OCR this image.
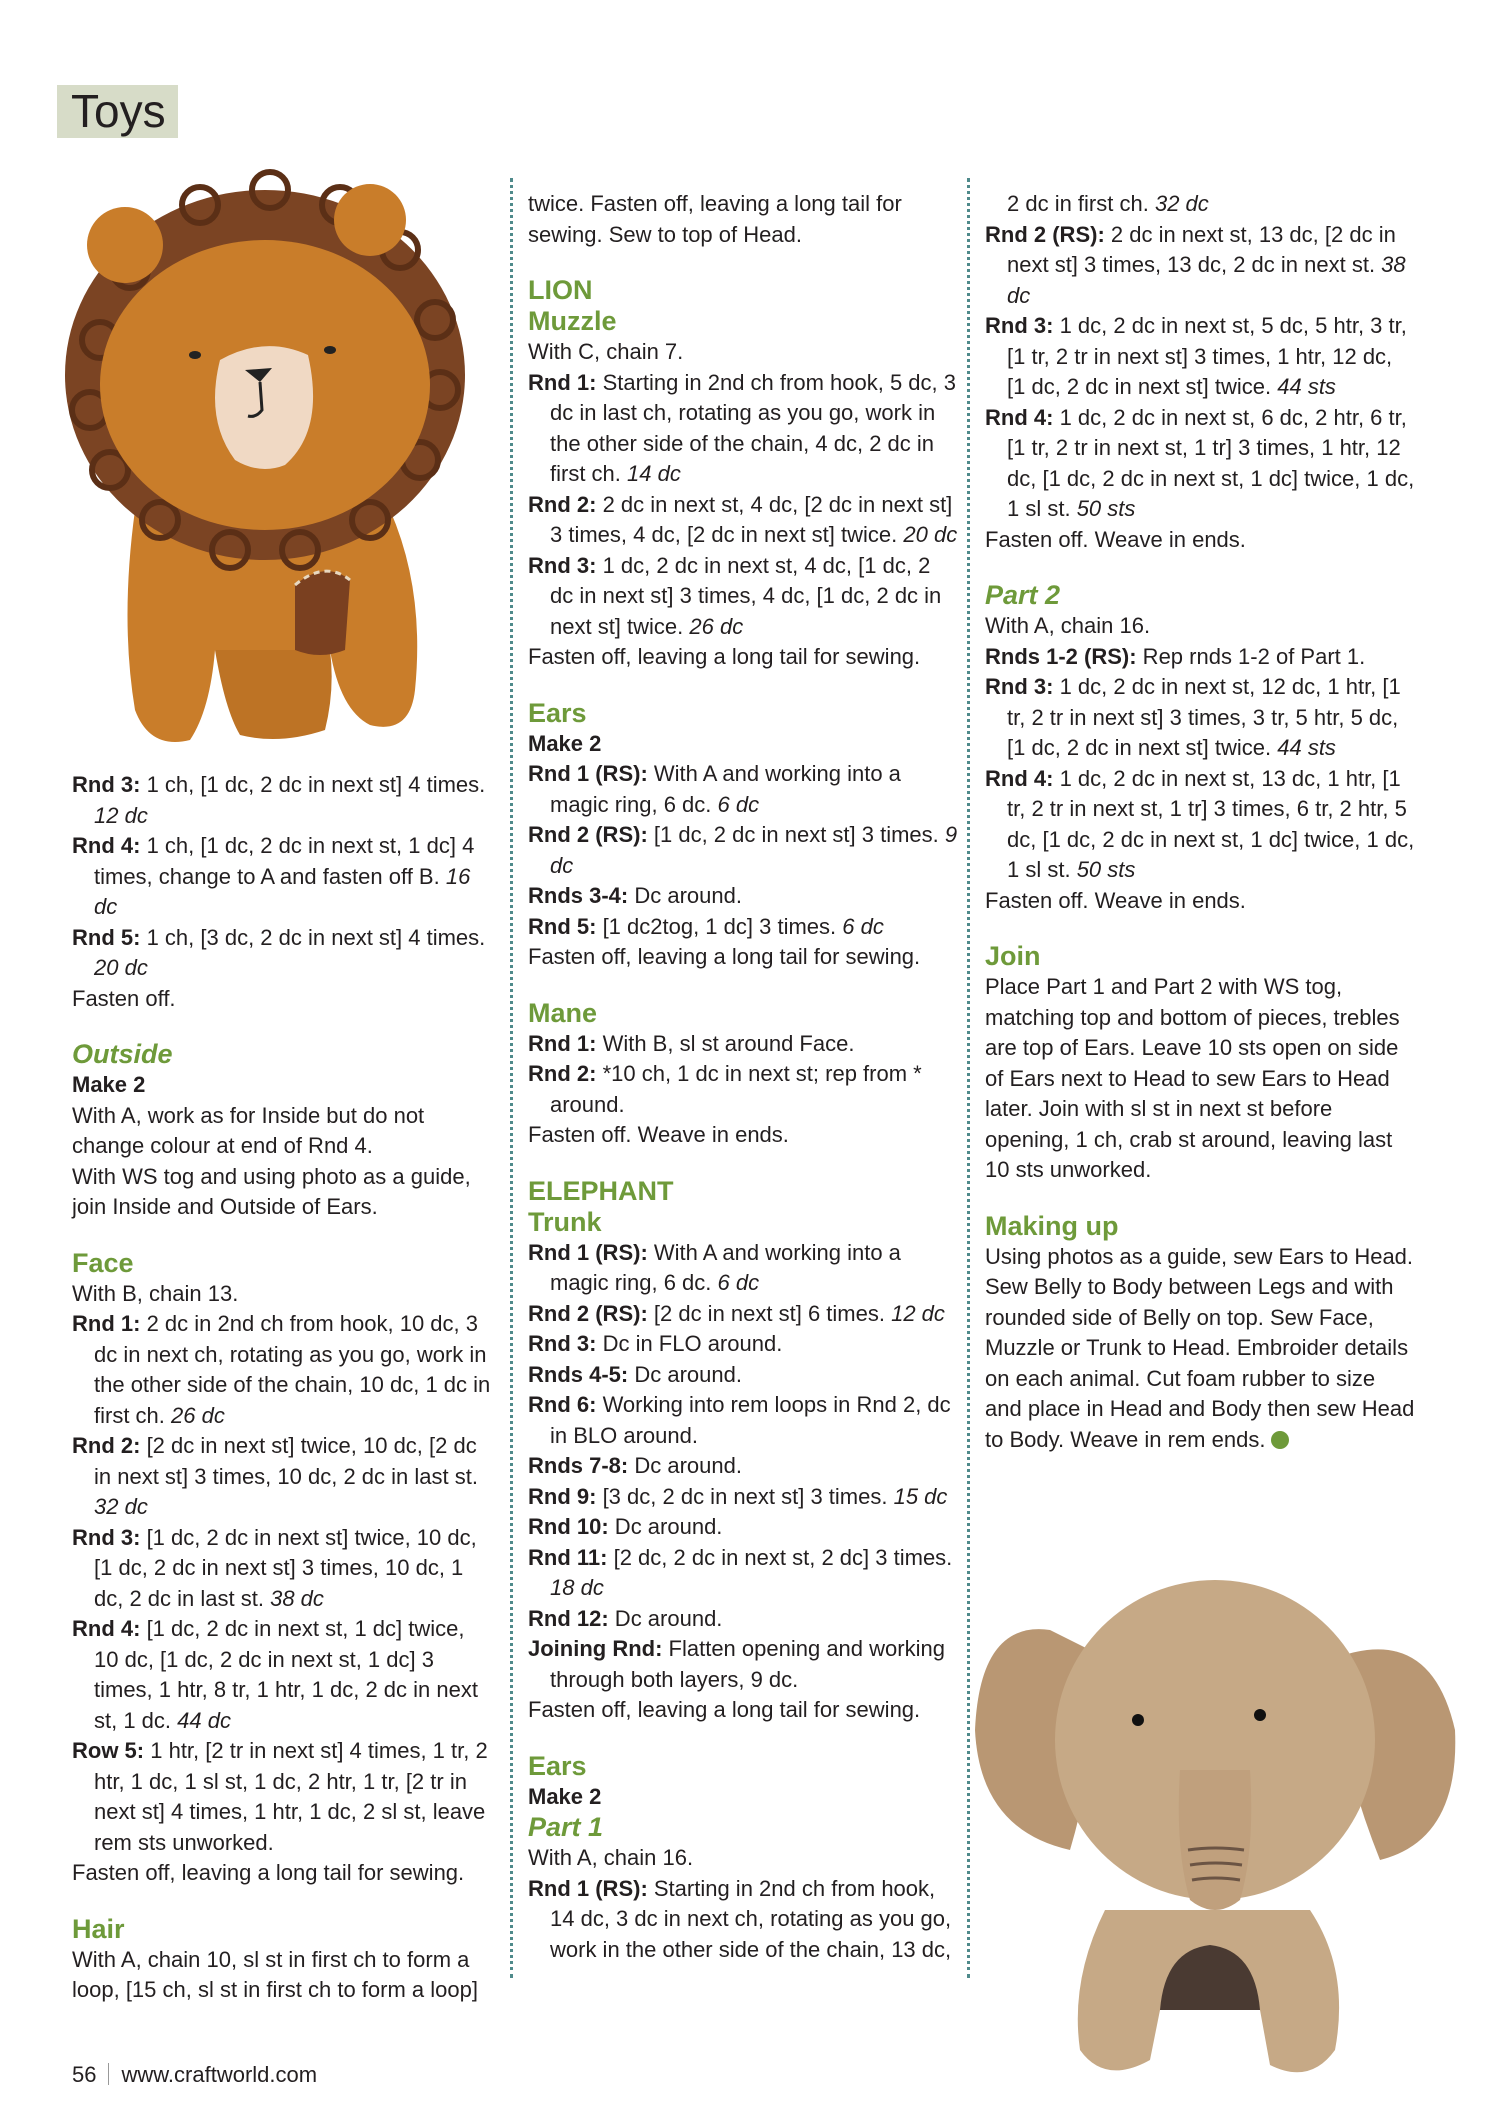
Toys

Rnd 3: 1 ch, [1 dc, 2 dc in next st] 4 times. 12 dc

Rnd 4: 1 ch, [1 dc, 2 dc in next st, 1 dc] 4 times, change to A and fasten off B. 16 dc

Rnd 5: 1 ch, [3 dc, 2 dc in next st] 4 times. 20 dc

Fasten off.

Outside

Make 2

With A, work as for Inside but do not change colour at end of Rnd 4.

With WS tog and using photo as a guide, join Inside and Outside of Ears.

Face

With B, chain 13.

Rnd 1: 2 dc in 2nd ch from hook, 10 dc, 3 dc in next ch, rotating as you go, work in the other side of the chain, 10 dc, 1 dc in first ch. 26 dc

Rnd 2: [2 dc in next st] twice, 10 dc, [2 dc in next st] 3 times, 10 dc, 2 dc in last st. 32 dc

Rnd 3: [1 dc, 2 dc in next st] twice, 10 dc, [1 dc, 2 dc in next st] 3 times, 10 dc, 1 dc, 2 dc in last st. 38 dc

Rnd 4: [1 dc, 2 dc in next st, 1 dc] twice, 10 dc, [1 dc, 2 dc in next st, 1 dc] 3 times, 1 htr, 8 tr, 1 htr, 1 dc, 2 dc in next st, 1 dc. 44 dc

Row 5: 1 htr, [2 tr in next st] 4 times, 1 tr, 2 htr, 1 dc, 1 sl st, 1 dc, 2 htr, 1 tr, [2 tr in next st] 4 times, 1 htr, 1 dc, 2 sl st, leave rem sts unworked.

Fasten off, leaving a long tail for sewing.

Hair

With A, chain 10, sl st in first ch to form a loop, [15 ch, sl st in first ch to form a loop]

twice. Fasten off, leaving a long tail for sewing. Sew to top of Head.

LION

Muzzle

With C, chain 7.

Rnd 1: Starting in 2nd ch from hook, 5 dc, 3 dc in last ch, rotating as you go, work in the other side of the chain, 4 dc, 2 dc in first ch. 14 dc

Rnd 2: 2 dc in next st, 4 dc, [2 dc in next st] 3 times, 4 dc, [2 dc in next st] twice. 20 dc

Rnd 3: 1 dc, 2 dc in next st, 4 dc, [1 dc, 2 dc in next st] 3 times, 4 dc, [1 dc, 2 dc in next st] twice. 26 dc

Fasten off, leaving a long tail for sewing.

Ears

Make 2

Rnd 1 (RS): With A and working into a magic ring, 6 dc. 6 dc

Rnd 2 (RS): [1 dc, 2 dc in next st] 3 times. 9 dc

Rnds 3-4: Dc around.

Rnd 5: [1 dc2tog, 1 dc] 3 times. 6 dc

Fasten off, leaving a long tail for sewing.

Mane

Rnd 1: With B, sl st around Face.

Rnd 2: *10 ch, 1 dc in next st; rep from * around.

Fasten off. Weave in ends.

ELEPHANT

Trunk

Rnd 1 (RS): With A and working into a magic ring, 6 dc. 6 dc

Rnd 2 (RS): [2 dc in next st] 6 times. 12 dc

Rnd 3: Dc in FLO around.

Rnds 4-5: Dc around.

Rnd 6: Working into rem loops in Rnd 2, dc in BLO around.

Rnds 7-8: Dc around.

Rnd 9: [3 dc, 2 dc in next st] 3 times. 15 dc

Rnd 10: Dc around.

Rnd 11: [2 dc, 2 dc in next st, 2 dc] 3 times. 18 dc

Rnd 12: Dc around.

Joining Rnd: Flatten opening and working through both layers, 9 dc.

Fasten off, leaving a long tail for sewing.

Ears

Make 2

Part 1

With A, chain 16.

Rnd 1 (RS): Starting in 2nd ch from hook, 14 dc, 3 dc in next ch, rotating as you go, work in the other side of the chain, 13 dc,

2 dc in first ch. 32 dc

Rnd 2 (RS): 2 dc in next st, 13 dc, [2 dc in next st] 3 times, 13 dc, 2 dc in next st. 38 dc

Rnd 3: 1 dc, 2 dc in next st, 5 dc, 5 htr, 3 tr, [1 tr, 2 tr in next st] 3 times, 1 htr, 12 dc, [1 dc, 2 dc in next st] twice. 44 sts

Rnd 4: 1 dc, 2 dc in next st, 6 dc, 2 htr, 6 tr, [1 tr, 2 tr in next st, 1 tr] 3 times, 1 htr, 12 dc, [1 dc, 2 dc in next st, 1 dc] twice, 1 dc, 1 sl st. 50 sts

Fasten off. Weave in ends.

Part 2

With A, chain 16.

Rnds 1-2 (RS): Rep rnds 1-2 of Part 1.

Rnd 3: 1 dc, 2 dc in next st, 12 dc, 1 htr, [1 tr, 2 tr in next st] 3 times, 3 tr, 5 htr, 5 dc, [1 dc, 2 dc in next st] twice. 44 sts

Rnd 4: 1 dc, 2 dc in next st, 13 dc, 1 htr, [1 tr, 2 tr in next st, 1 tr] 3 times, 6 tr, 2 htr, 5 dc, [1 dc, 2 dc in next st, 1 dc] twice, 1 dc, 1 sl st. 50 sts

Fasten off. Weave in ends.

Join

Place Part 1 and Part 2 with WS tog, matching top and bottom of pieces, trebles are top of Ears. Leave 10 sts open on side of Ears next to Head to sew Ears to Head later. Join with sl st in next st before opening, 1 ch, crab st around, leaving last 10 sts unworked.

Making up

Using photos as a guide, sew Ears to Head. Sew Belly to Body between Legs and with rounded side of Belly on top. Sew Face, Muzzle or Trunk to Head. Embroider details on each animal. Cut foam rubber to size and place in Head and Body then sew Head to Body. Weave in rem ends.

56 www.craftworld.com
